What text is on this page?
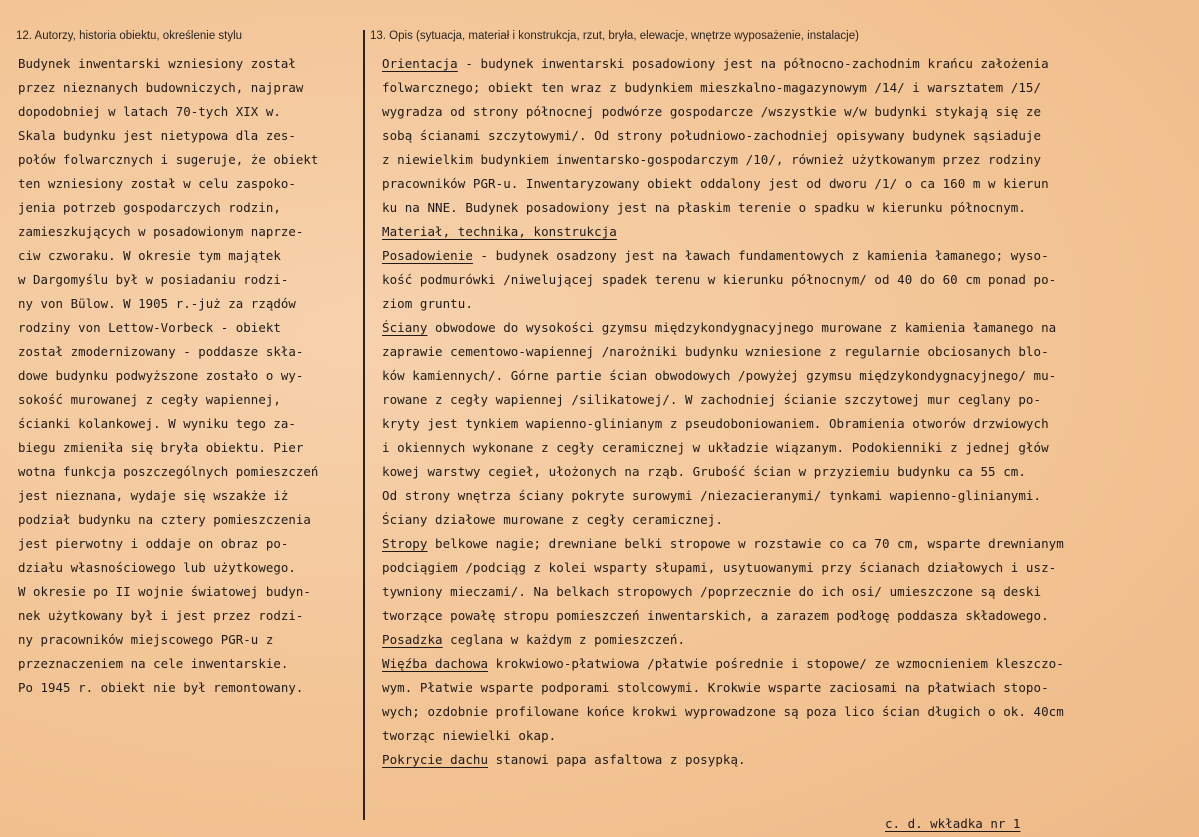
12. Autorzy, historia obiektu, określenie stylu	13. Opis (sytuacja, materiał i konstrukcja, rzut, bryła, elewacje, wnętrze wyposażenie, instalacje)
Budynek inwentarski wzniesiony został
przez nieznanych budowniczych, najpraw
dopodobniej w latach 70-tych XIX w.
Skala budynku jest nietypowa dla zes-
połów folwarcznych i sugeruje, że obiekt
ten wzniesiony został w celu zaspoko-
jenia potrzeb gospodarczych rodzin,
zamieszkujących w posadowionym naprze-
ciw czworaku. W okresie tym majątek
w Dargomyślu był w posiadaniu rodzi-
ny von Bülow. W 1905 r.-już za rządów
rodziny von Lettow-Vorbeck - obiekt
został zmodernizowany - poddasze skła-
dowe budynku podwyższone zostało o wy-
sokość murowanej z cegły wapiennej,
ścianki kolankowej. W wyniku tego za-
biegu zmieniła się bryła obiektu. Pier
wotna funkcja poszczególnych pomieszczeń
jest nieznana, wydaje się wszakże iż
podział budynku na cztery pomieszczenia
jest pierwotny i oddaje on obraz po-
działu własnościowego lub użytkowego.
W okresie po II wojnie światowej budyn-
nek użytkowany był i jest przez rodzi-
ny pracowników miejscowego PGR-u z
przeznaczeniem na cele inwentarskie.
Po 1945 r. obiekt nie był remontowany.
Orientacja - budynek inwentarski posadowiony jest na północno-zachodnim krańcu założenia
folwarcznego; obiekt ten wraz z budynkiem mieszkalno-magazynowym /14/ i warsztatem /15/
wygradza od strony północnej podwórze gospodarcze /wszystkie w/w budynki stykają się ze
sobą ścianami szczytowymi/. Od strony południowo-zachodniej opisywany budynek sąsiaduje
z niewielkim budynkiem inwentarsko-gospodarczym /10/, również użytkowanym przez rodziny
pracowników PGR-u. Inwentaryzowany obiekt oddalony jest od dworu /1/ o ca 160 m w kierun
ku na NNE. Budynek posadowiony jest na płaskim terenie o spadku w kierunku północnym.
Materiał, technika, konstrukcja
Posadowienie - budynek osadzony jest na ławach fundamentowych z kamienia łamanego; wyso-
kość podmurówki /niwelującej spadek terenu w kierunku północnym/ od 40 do 60 cm ponad po-
ziom gruntu.
Ściany obwodowe do wysokości gzymsu międzykondygnacyjnego murowane z kamienia łamanego na
zaprawie cementowo-wapiennej /narożniki budynku wzniesione z regularnie obciosanych blo-
ków kamiennych/. Górne partie ścian obwodowych /powyżej gzymsu międzykondygnacyjnego/ mu-
rowane z cegły wapiennej /silikatowej/. W zachodniej ścianie szczytowej mur ceglany po-
kryty jest tynkiem wapienno-glinianym z pseudoboniowaniem. Obramienia otworów drzwiowych
i okiennych wykonane z cegły ceramicznej w układzie wiązanym. Podokienniki z jednej głów
kowej warstwy cegieł, ułożonych na rząb. Grubość ścian w przyziemiu budynku ca 55 cm.
Od strony wnętrza ściany pokryte surowymi /niezacieranymi/ tynkami wapienno-glinianymi.
Ściany działowe murowane z cegły ceramicznej.
Stropy belkowe nagie; drewniane belki stropowe w rozstawie co ca 70 cm, wsparte drewnianym
podciągiem /podciąg z kolei wsparty słupami, usytuowanymi przy ścianach działowych i usz-
tywniony mieczami/. Na belkach stropowych /poprzecznie do ich osi/ umieszczone są deski
tworzące powałę stropu pomieszczeń inwentarskich, a zarazem podłogę poddasza składowego.
Posadzka ceglana w każdym z pomieszczeń.
Więźba dachowa krokwiowo-płatwiowa /płatwie pośrednie i stopowe/ ze wzmocnieniem kleszczo-
wym. Płatwie wsparte podporami stolcowymi. Krokwie wsparte zaciosami na płatwiach stopo-
wych; ozdobnie profilowane końce krokwi wyprowadzone są poza lico ścian długich o ok. 40cm
tworząc niewielki okap.
Pokrycie dachu stanowi papa asfaltowa z posypką.
c. d. wkładka nr 1
